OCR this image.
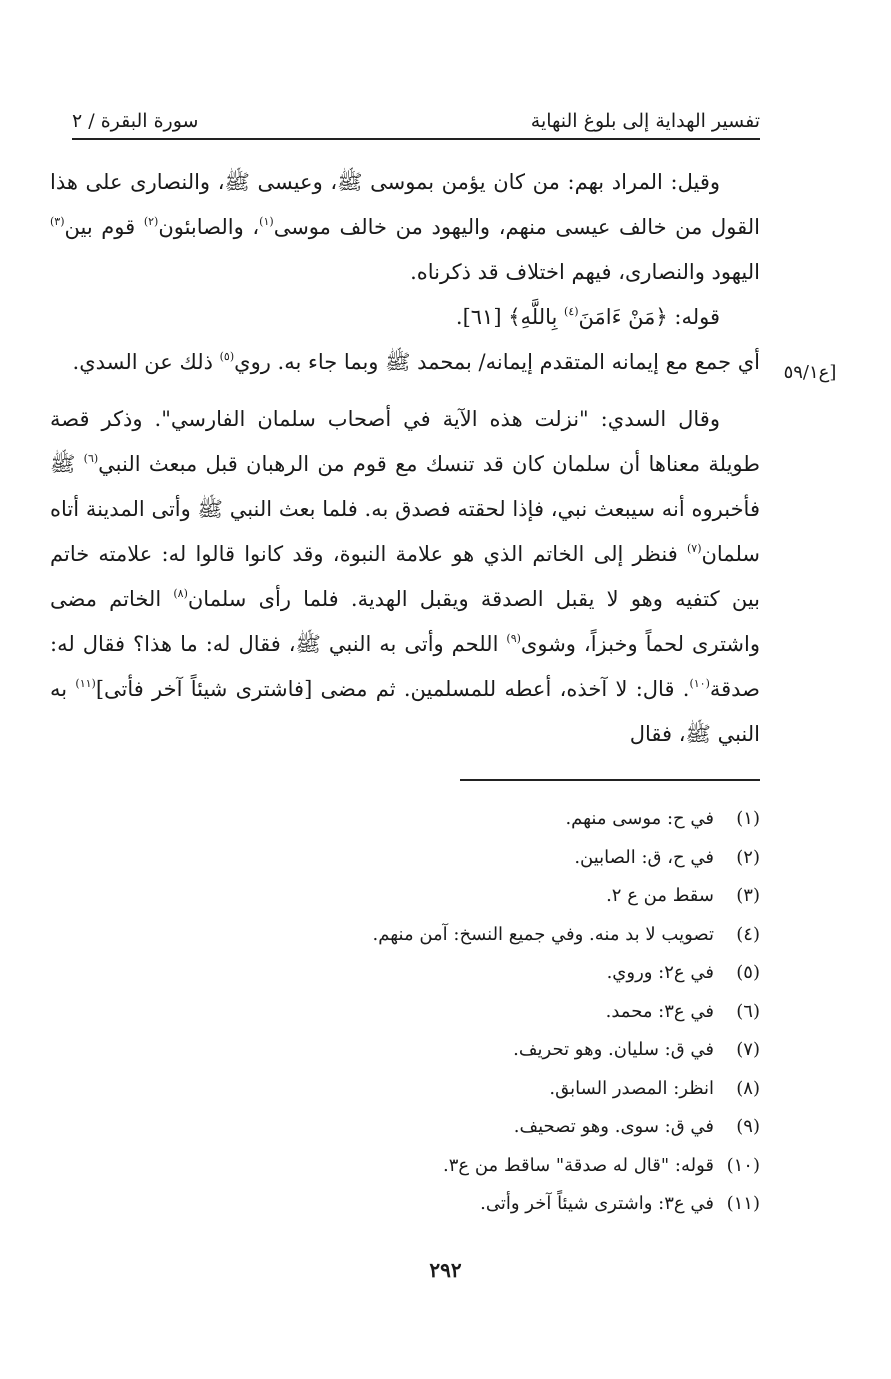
تفسير الهداية إلى بلوغ النهاية
سورة البقرة / ٢
[ع٥٩/١

وقيل: المراد بهم: من كان يؤمن بموسى ﷺ، وعيسى ﷺ، والنصارى على هذا القول من خالف عيسى منهم، واليهود من خالف موسى$^{(١)}$، والصابئون$^{(٢)}$ قوم بين$^{(٣)}$ اليهود والنصارى، فيهم اختلاف قد ذكرناه.

قوله: ﴿مَنْ ءَامَنَ$^{(٤)}$ بِاللَّهِ﴾ [٦١].

أي جمع مع إيمانه المتقدم إيمانه/ بمحمد ﷺ وبما جاء به. روي$^{(٥)}$ ذلك عن السدي.

وقال السدي: "نزلت هذه الآية في أصحاب سلمان الفارسي". وذكر قصة طويلة معناها أن سلمان كان قد تنسك مع قوم من الرهبان قبل مبعث النبي$^{(٦)}$ ﷺ فأخبروه أنه سيبعث نبي، فإذا لحقته فصدق به. فلما بعث النبي ﷺ وأتى المدينة أتاه سلمان$^{(٧)}$ فنظر إلى الخاتم الذي هو علامة النبوة، وقد كانوا قالوا له: علامته خاتم بين كتفيه وهو لا يقبل الصدقة ويقبل الهدية. فلما رأى سلمان$^{(٨)}$ الخاتم مضى واشترى لحماً وخبزاً، وشوى$^{(٩)}$ اللحم وأتى به النبي ﷺ، فقال له: ما هذا؟ فقال له: صدقة$^{(١٠)}$. قال: لا آخذه، أعطه للمسلمين. ثم مضى [فاشترى شيئاً آخر فأتى]$^{(١١)}$ به النبي ﷺ، فقال

(١)
في ح: موسى منهم.
(٢)
في ح، ق: الصابين.
(٣)
سقط من ع ٢.
(٤)
تصويب لا بد منه. وفي جميع النسخ: آمن منهم.
(٥)
في ع٢: وروي.
(٦)
في ع٣: محمد.
(٧)
في ق: سليان. وهو تحريف.
(٨)
انظر: المصدر السابق.
(٩)
في ق: سوى. وهو تصحيف.
(١٠)
قوله: "قال له صدقة" ساقط من ع٣.
(١١)
في ع٣: واشترى شيئاً آخر وأتى.
٢٩٢
